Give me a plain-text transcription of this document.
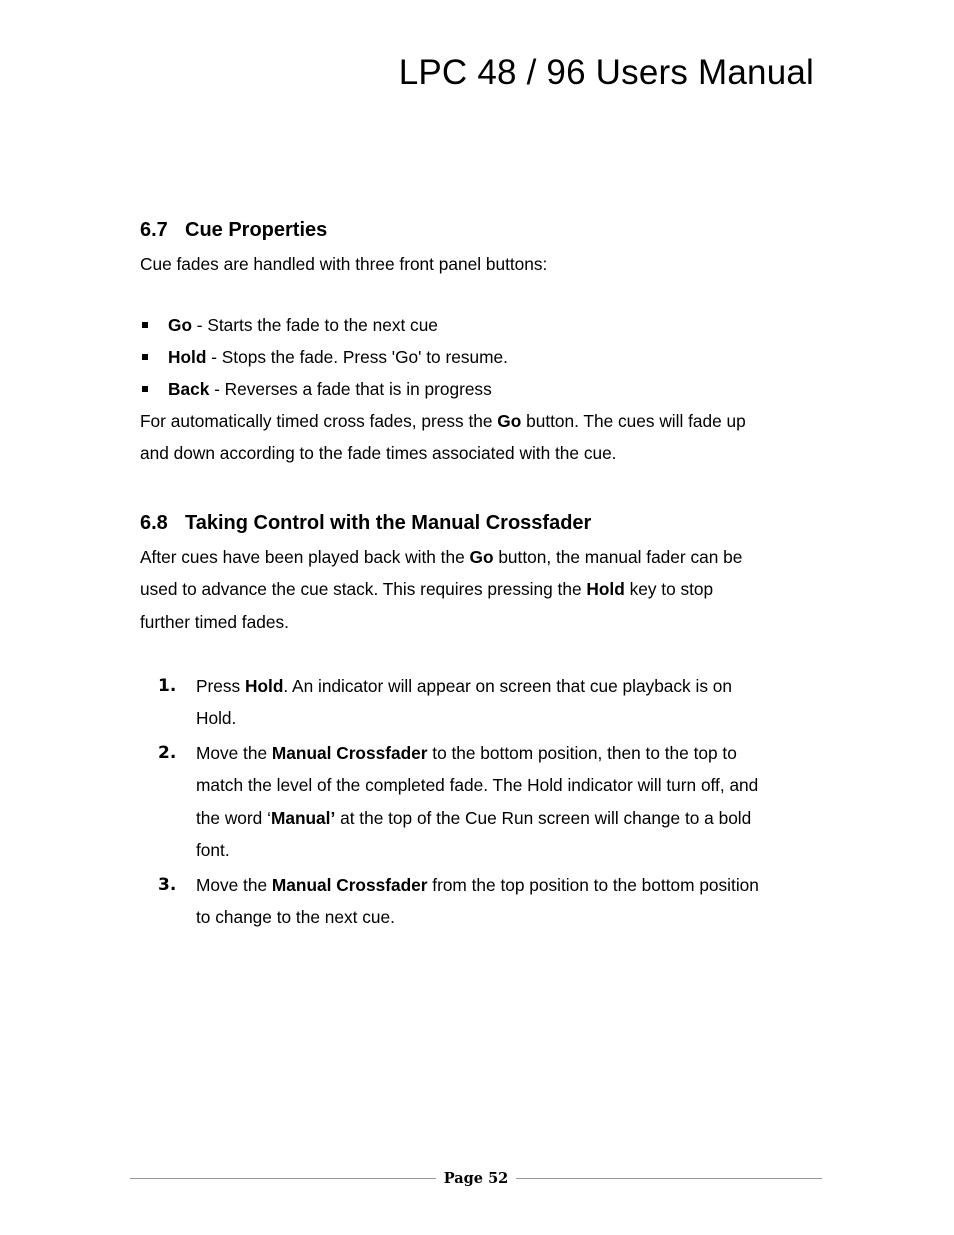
LPC 48 / 96 Users Manual
6.7 Cue Properties

Cue fades are handled with three front panel buttons:

Go - Starts the fade to the next cue
Hold - Stops the fade. Press 'Go' to resume.
Back - Reverses a fade that is in progress

For automatically timed cross fades, press the Go button. The cues will fade up
and down according to the fade times associated with the cue.

6.8 Taking Control with the Manual Crossfader

After cues have been played back with the Go button, the manual fader can be
used to advance the cue stack. This requires pressing the Hold key to stop
further timed fades.

1. Press Hold. An indicator will appear on screen that cue playback is on
Hold.
2. Move the Manual Crossfader to the bottom position, then to the top to
match the level of the completed fade. The Hold indicator will turn off, and
the word ‘Manual’ at the top of the Cue Run screen will change to a bold
font.
3. Move the Manual Crossfader from the top position to the bottom position
to change to the next cue.
Page 52
